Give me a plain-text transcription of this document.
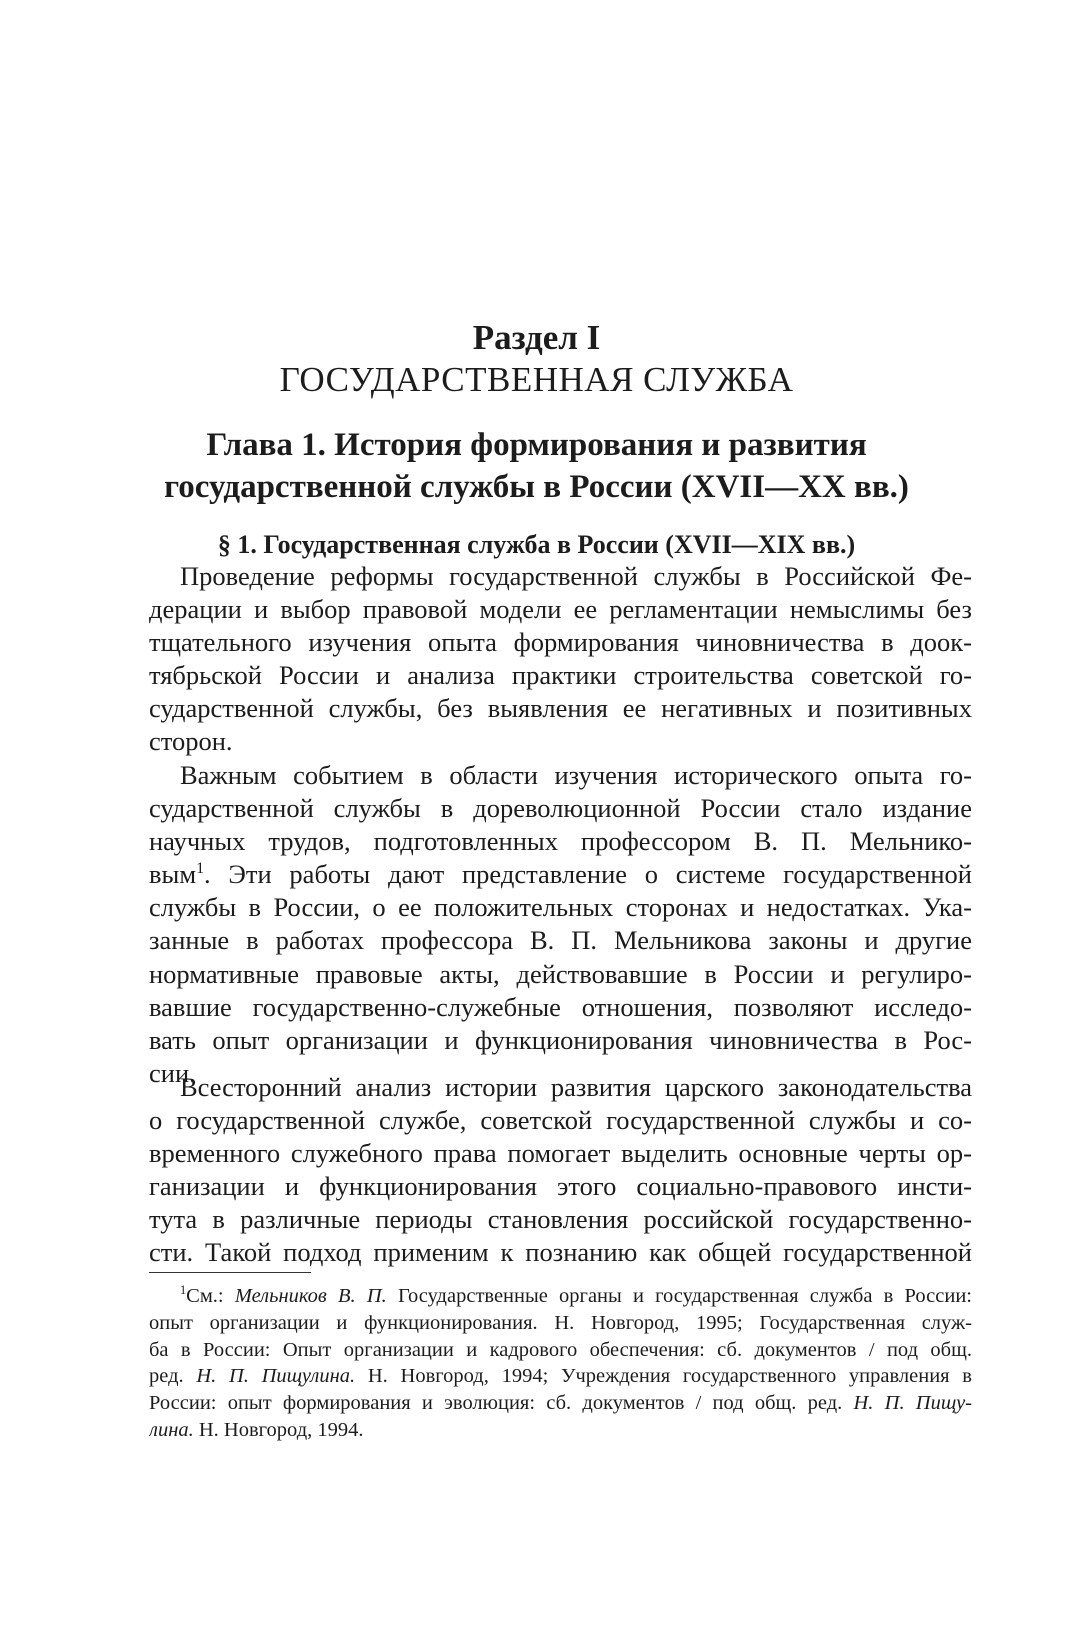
Раздел I
ГОСУДАРСТВЕННАЯ СЛУЖБА
Глава 1. История формирования и развития
государственной службы в России (XVII—XX вв.)
§ 1. Государственная служба в России (XVII—XIX вв.)
Проведение реформы государственной службы в Российской Фе-
дерации и выбор правовой модели ее регламентации немыслимы без
тщательного изучения опыта формирования чиновничества в доок-
тябрьской России и анализа практики строительства советской го-
сударственной службы, без выявления ее негативных и позитивных
сторон.
Важным событием в области изучения исторического опыта го-
сударственной службы в дореволюционной России стало издание
научных трудов, подготовленных профессором В. П. Мельнико-
вым$^1$. Эти работы дают представление о системе государственной
службы в России, о ее положительных сторонах и недостатках. Ука-
занные в работах профессора В. П. Мельникова законы и другие
нормативные правовые акты, действовавшие в России и регулиро-
вавшие государственно-служебные отношения, позволяют исследо-
вать опыт организации и функционирования чиновничества в Рос-
сии.
Всесторонний анализ истории развития царского законодательства
о государственной службе, советской государственной службы и со-
временного служебного права помогает выделить основные черты ор-
ганизации и функционирования этого социально-правового инсти-
тута в различные периоды становления российской государственно-
сти. Такой подход применим к познанию как общей государственной
$^1$См.: Мельников В. П. Государственные органы и государственная служба в России:
опыт организации и функционирования. Н. Новгород, 1995; Государственная служ-
ба в России: Опыт организации и кадрового обеспечения: сб. документов / под общ.
ред. Н. П. Пищулина. Н. Новгород, 1994; Учреждения государственного управления в
России: опыт формирования и эволюция: сб. документов / под общ. ред. Н. П. Пищу-
лина. Н. Новгород, 1994.
